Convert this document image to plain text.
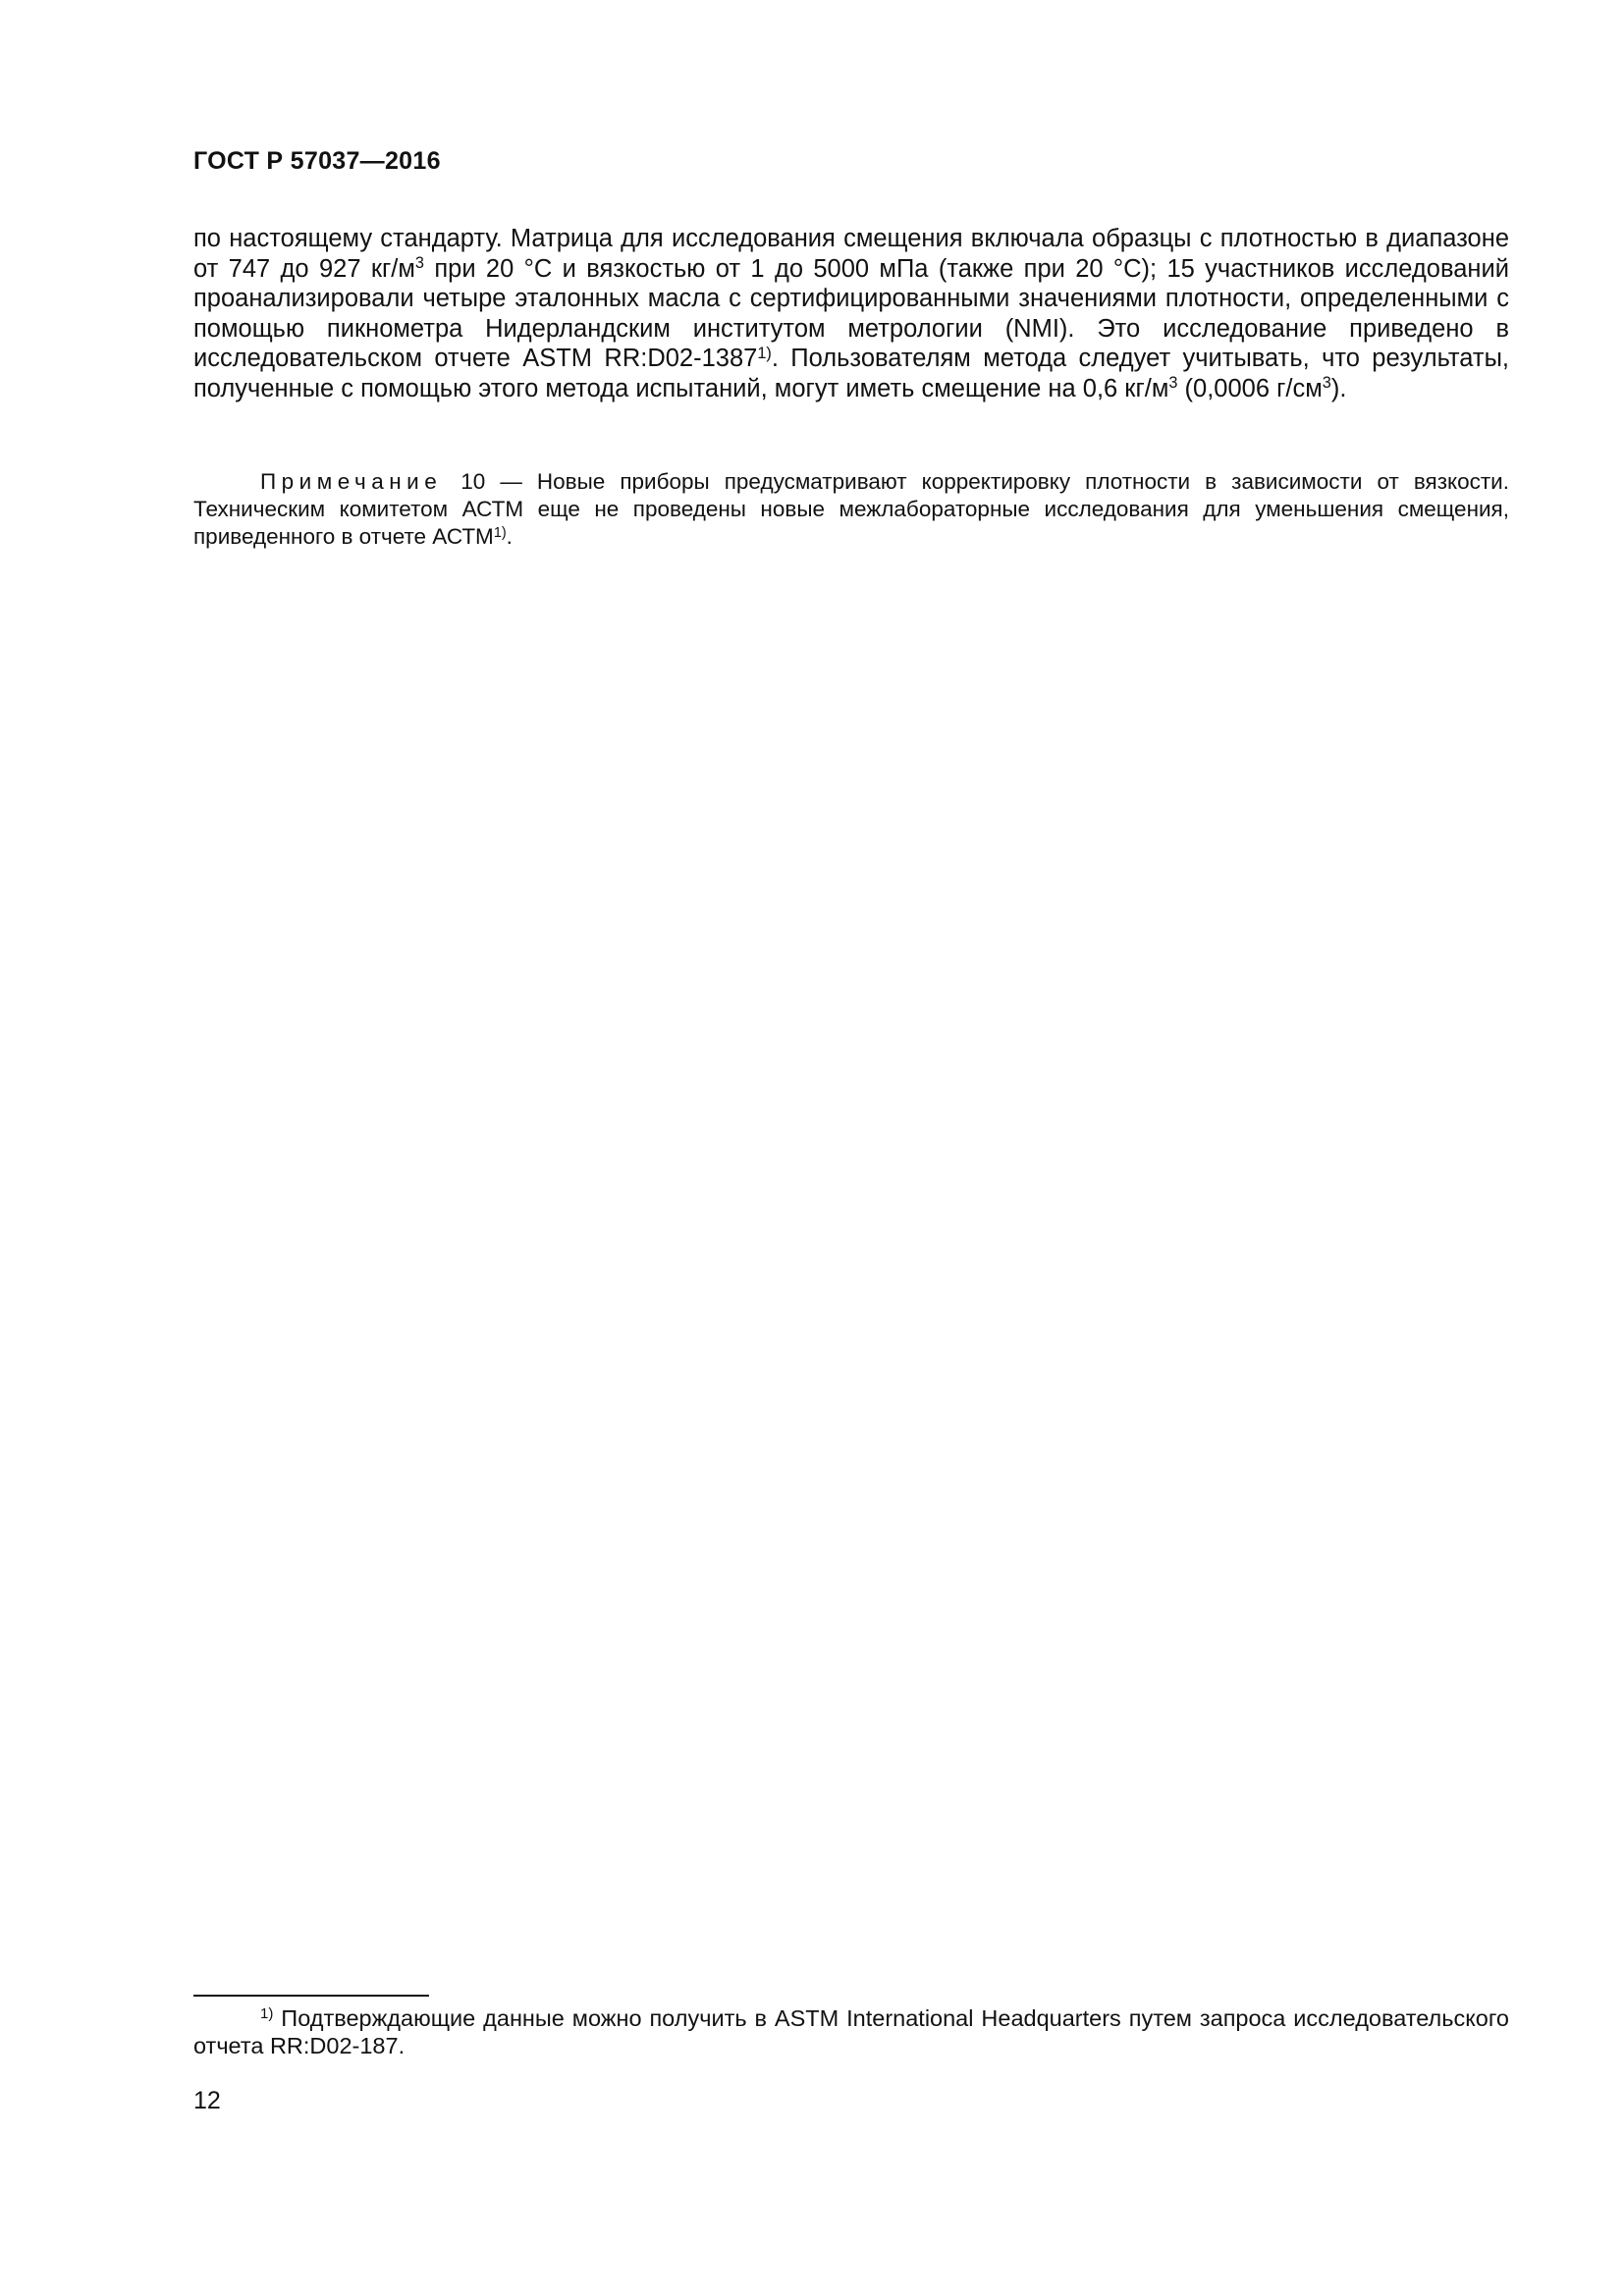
ГОСТ Р 57037—2016

по настоящему стандарту. Матрица для исследования смещения включала образцы с плотностью в диапазоне от 747 до 927 $кг/м^3$ при 20 °С и вязкостью от 1 до 5000 мПа (также при 20 °С); 15 участников исследований проанализировали четыре эталонных масла с сертифицированными значениями плотности, определенными с помощью пикнометра Нидерландским институтом метрологии (NMI). Это исследование приведено в исследовательском отчете ASTM RR:D02-1387$^{1)}$. Пользователям метода следует учитывать, что результаты, полученные с помощью этого метода испытаний, могут иметь смещение на 0,6 $кг/м^3$ (0,0006 $г/см^3$).

Примечание 10 — Новые приборы предусматривают корректировку плотности в зависимости от вязкости. Техническим комитетом АСТМ еще не проведены новые межлабораторные исследования для уменьшения смещения, приведенного в отчете АСТМ$^{1)}$.

$^{1)}$ Подтверждающие данные можно получить в ASTM International Headquarters путем запроса исследовательского отчета RR:D02-187.

12
